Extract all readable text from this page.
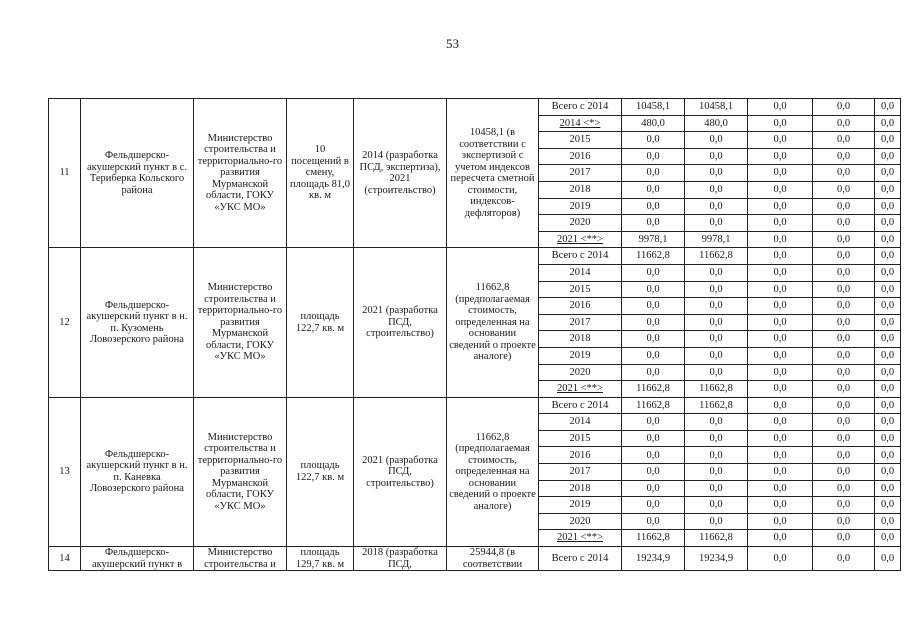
53
11	Фельдшерско-акушерский пункт в с. Териберка Кольского района	Министерство строительства и территориально-го развития Мурманской области, ГОКУ «УКС МО»	10 посещений в смену, площадь 81,0 кв. м	2014 (разработка ПСД, экспертиза), 2021 (строительство)	10458,1 (в соответствии с экспертизой с учетом индексов пересчета сметной стоимости, индексов-дефляторов)	Всего с 2014	10458,1	10458,1	0,0	0,0	0,0
						2014 <*>	480,0	480,0	0,0	0,0	0,0
						2015	0,0	0,0	0,0	0,0	0,0
						2016	0,0	0,0	0,0	0,0	0,0
						2017	0,0	0,0	0,0	0,0	0,0
						2018	0,0	0,0	0,0	0,0	0,0
						2019	0,0	0,0	0,0	0,0	0,0
						2020	0,0	0,0	0,0	0,0	0,0
						2021 <**>	9978,1	9978,1	0,0	0,0	0,0
12	Фельдшерско-акушерский пункт в н. п. Кузомень Ловозерского района	Министерство строительства и территориально-го развития Мурманской области, ГОКУ «УКС МО»	площадь 122,7 кв. м	2021 (разработка ПСД, строительство)	11662,8 (предполагаемая стоимость, определенная на основании сведений о проекте аналоге)	Всего с 2014	11662,8	11662,8	0,0	0,0	0,0
						2014	0,0	0,0	0,0	0,0	0,0
						2015	0,0	0,0	0,0	0,0	0,0
						2016	0,0	0,0	0,0	0,0	0,0
						2017	0,0	0,0	0,0	0,0	0,0
						2018	0,0	0,0	0,0	0,0	0,0
						2019	0,0	0,0	0,0	0,0	0,0
						2020	0,0	0,0	0,0	0,0	0,0
						2021 <**>	11662,8	11662,8	0,0	0,0	0,0
13	Фельдшерско-акушерский пункт в н. п. Каневка Ловозерского района	Министерство строительства и территориально-го развития Мурманской области, ГОКУ «УКС МО»	площадь 122,7 кв. м	2021 (разработка ПСД, строительство)	11662,8 (предполагаемая стоимость, определенная на основании сведений о проекте аналоге)	Всего с 2014	11662,8	11662,8	0,0	0,0	0,0
						2014	0,0	0,0	0,0	0,0	0,0
						2015	0,0	0,0	0,0	0,0	0,0
						2016	0,0	0,0	0,0	0,0	0,0
						2017	0,0	0,0	0,0	0,0	0,0
						2018	0,0	0,0	0,0	0,0	0,0
						2019	0,0	0,0	0,0	0,0	0,0
						2020	0,0	0,0	0,0	0,0	0,0
						2021 <**>	11662,8	11662,8	0,0	0,0	0,0
14	Фельдшерско-акушерский пункт в	Министерство строительства и	площадь 129,7 кв. м	2018 (разработка ПСД,	25944,8 (в соответствии	Всего с 2014	19234,9	19234,9	0,0	0,0	0,0
